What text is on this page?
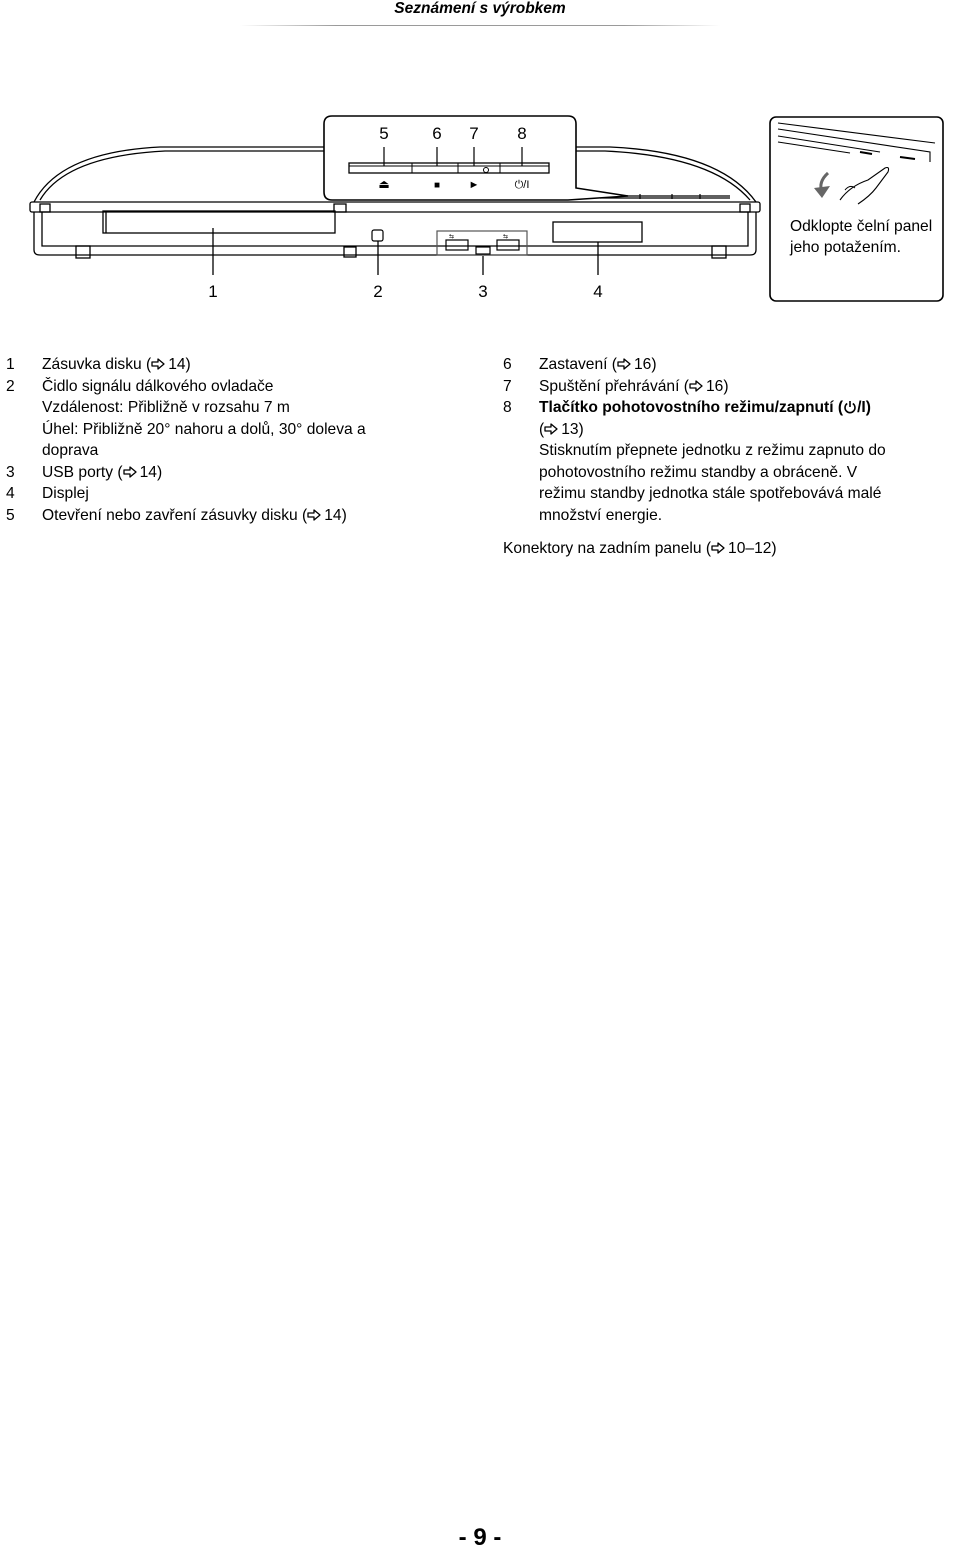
Seznámení s výrobkem
⇆	⇆
5	6 7 8
⏏	■	►	⏻/I
1	2	3	4
Odklopte čelní panel jeho potažením.
1	Zásuvka disku ( 14)
2	Čidlo signálu dálkového ovladače
Vzdálenost: Přibližně v rozsahu 7 m
Úhel: Přibližně 20° nahoru a dolů, 30° doleva a
doprava
3	USB porty ( 14)
4	Displej
5	Otevření nebo zavření zásuvky disku ( 14)
6	Zastavení ( 16)
7	Spuštění přehrávání ( 16)
8	Tlačítko pohotovostního režimu/zapnutí ( /I)
( 13)
Stisknutím přepnete jednotku z režimu zapnuto do
pohotovostního režimu standby a obráceně. V
režimu standby jednotka stále spotřebovává malé
množství energie.
Konektory na zadním panelu ( 10–12)
- 9 -
